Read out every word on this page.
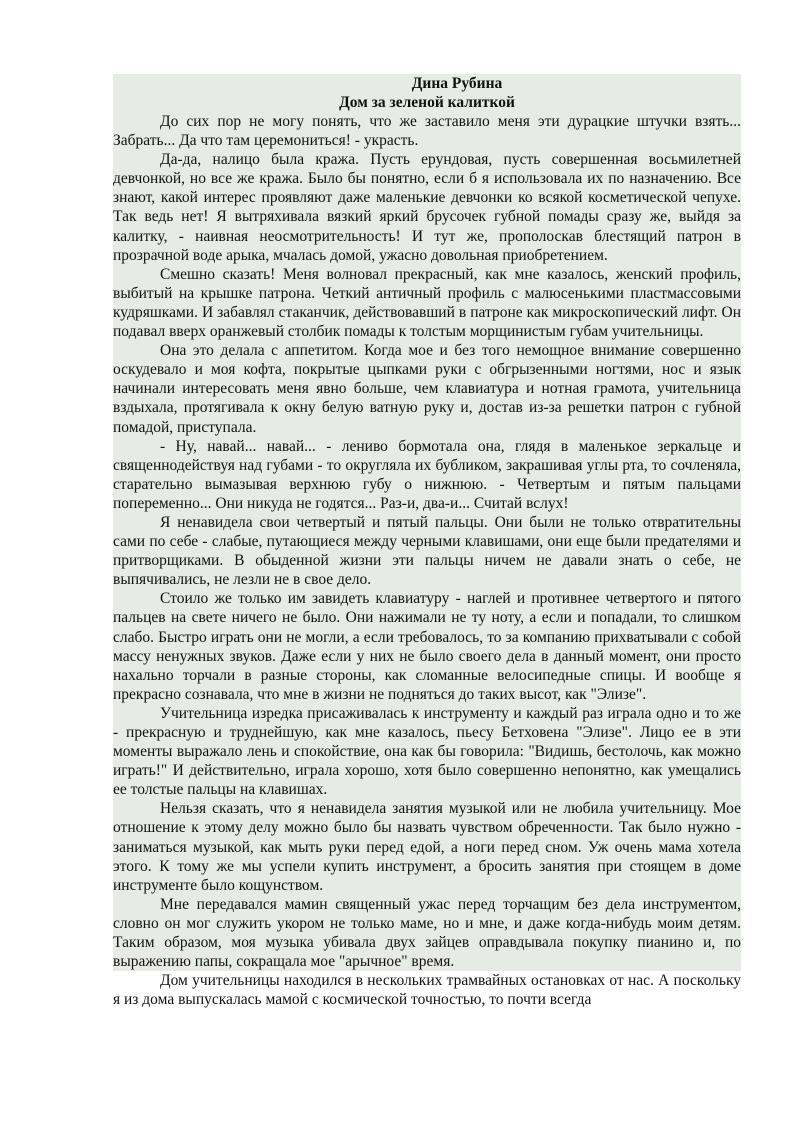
Дина Рубина
Дом за зеленой калиткой

До сих пор не могу понять, что же заставило меня эти дурацкие штучки взять... Забрать... Да что там церемониться! - украсть.

Да-да, налицо была кража. Пусть ерундовая, пусть совершенная восьмилетней девчонкой, но все же кража. Было бы понятно, если б я использовала их по назначению. Все знают, какой интерес проявляют даже маленькие девчонки ко всякой косметической чепухе. Так ведь нет! Я вытряхивала вязкий яркий брусочек губной помады сразу же, выйдя за калитку, - наивная неосмотрительность! И тут же, прополоскав блестящий патрон в прозрачной воде арыка, мчалась домой, ужасно довольная приобретением.

Смешно сказать! Меня волновал прекрасный, как мне казалось, женский профиль, выбитый на крышке патрона. Четкий античный профиль с малюсенькими пластмассовыми кудряшками. И забавлял стаканчик, действовавший в патроне как микроскопический лифт. Он подавал вверх оранжевый столбик помады к толстым морщинистым губам учительницы.

Она это делала с аппетитом. Когда мое и без того немощное внимание совершенно оскудевало и моя кофта, покрытые цыпками руки с обгрызенными ногтями, нос и язык начинали интересовать меня явно больше, чем клавиатура и нотная грамота, учительница вздыхала, протягивала к окну белую ватную руку и, достав из-за решетки патрон с губной помадой, приступала.

- Ну, навай... навай... - лениво бормотала она, глядя в маленькое зеркальце и священнодействуя над губами - то округляла их бубликом, закрашивая углы рта, то сочленяла, старательно вымазывая верхнюю губу о нижнюю. - Четвертым и пятым пальцами попеременно... Они никуда не годятся... Раз-и, два-и... Считай вслух!

Я ненавидела свои четвертый и пятый пальцы. Они были не только отвратительны сами по себе - слабые, путающиеся между черными клавишами, они еще были предателями и притворщиками. В обыденной жизни эти пальцы ничем не давали знать о себе, не выпячивались, не лезли не в свое дело.

Стоило же только им завидеть клавиатуру - наглей и противнее четвертого и пятого пальцев на свете ничего не было. Они нажимали не ту ноту, а если и попадали, то слишком слабо. Быстро играть они не могли, а если требовалось, то за компанию прихватывали с собой массу ненужных звуков. Даже если у них не было своего дела в данный момент, они просто нахально торчали в разные стороны, как сломанные велосипедные спицы. И вообще я прекрасно сознавала, что мне в жизни не подняться до таких высот, как "Элизе".

Учительница изредка присаживалась к инструменту и каждый раз играла одно и то же - прекрасную и труднейшую, как мне казалось, пьесу Бетховена "Элизе". Лицо ее в эти моменты выражало лень и спокойствие, она как бы говорила: "Видишь, бестолочь, как можно играть!" И действительно, играла хорошо, хотя было совершенно непонятно, как умещались ее толстые пальцы на клавишах.

Нельзя сказать, что я ненавидела занятия музыкой или не любила учительницу. Мое отношение к этому делу можно было бы назвать чувством обреченности. Так было нужно - заниматься музыкой, как мыть руки перед едой, а ноги перед сном. Уж очень мама хотела этого. К тому же мы успели купить инструмент, а бросить занятия при стоящем в доме инструменте было кощунством.

Мне передавался мамин священный ужас перед торчащим без дела инструментом, словно он мог служить укором не только маме, но и мне, и даже когда-нибудь моим детям. Таким образом, моя музыка убивала двух зайцев оправдывала покупку пианино и, по выражению папы, сокращала мое "арычное" время.

Дом учительницы находился в нескольких трамвайных остановках от нас. А поскольку я из дома выпускалась мамой с космической точностью, то почти всегда
